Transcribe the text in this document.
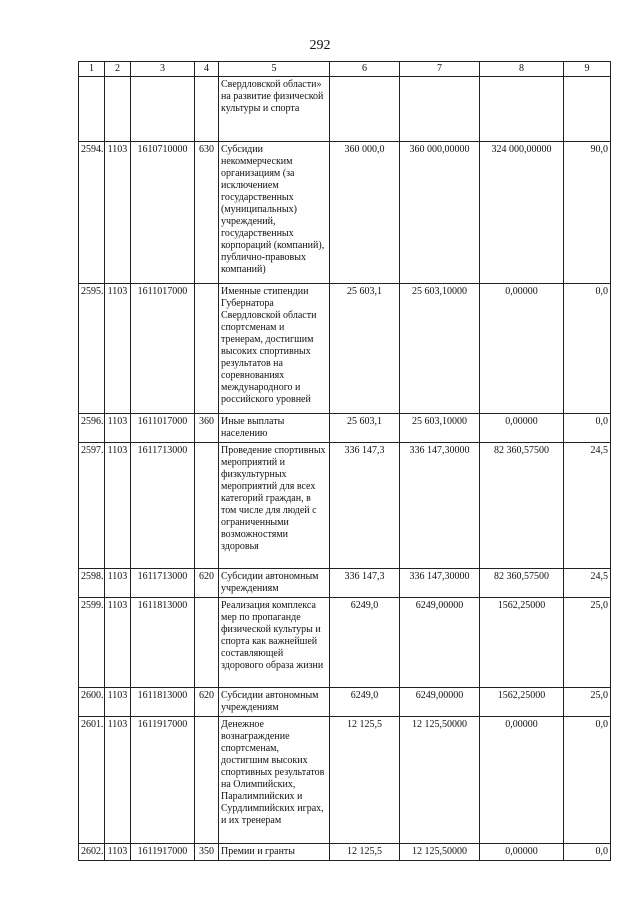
292
1	2	3	4	5	6	7	8	9
				Свердловской области» на развитие физической культуры и спорта				
2594.	1103	1610710000	630	Субсидии некоммерческим организациям (за исключением государственных (муниципальных) учреждений, государственных корпораций (компаний), публично-правовых компаний)	360 000,0	360 000,00000	324 000,00000	90,0
2595.	1103	1611017000		Именные стипендии Губернатора Свердловской области спортсменам и тренерам, достигшим высоких спортивных результатов на соревнованиях международного и российского уровней	25 603,1	25 603,10000	0,00000	0,0
2596.	1103	1611017000	360	Иные выплаты населению	25 603,1	25 603,10000	0,00000	0,0
2597.	1103	1611713000		Проведение спортивных мероприятий и физкультурных мероприятий для всех категорий граждан, в том числе для людей с ограниченными возможностями здоровья	336 147,3	336 147,30000	82 360,57500	24,5
2598.	1103	1611713000	620	Субсидии автономным учреждениям	336 147,3	336 147,30000	82 360,57500	24,5
2599.	1103	1611813000		Реализация комплекса мер по пропаганде физической культуры и спорта как важнейшей составляющей здорового образа жизни	6249,0	6249,00000	1562,25000	25,0
2600.	1103	1611813000	620	Субсидии автономным учреждениям	6249,0	6249,00000	1562,25000	25,0
2601.	1103	1611917000		Денежное вознаграждение спортсменам, достигшим высоких спортивных результатов на Олимпийских, Паралимпийских и Сурдлимпийских играх, и их тренерам	12 125,5	12 125,50000	0,00000	0,0
2602.	1103	1611917000	350	Премии и гранты	12 125,5	12 125,50000	0,00000	0,0
